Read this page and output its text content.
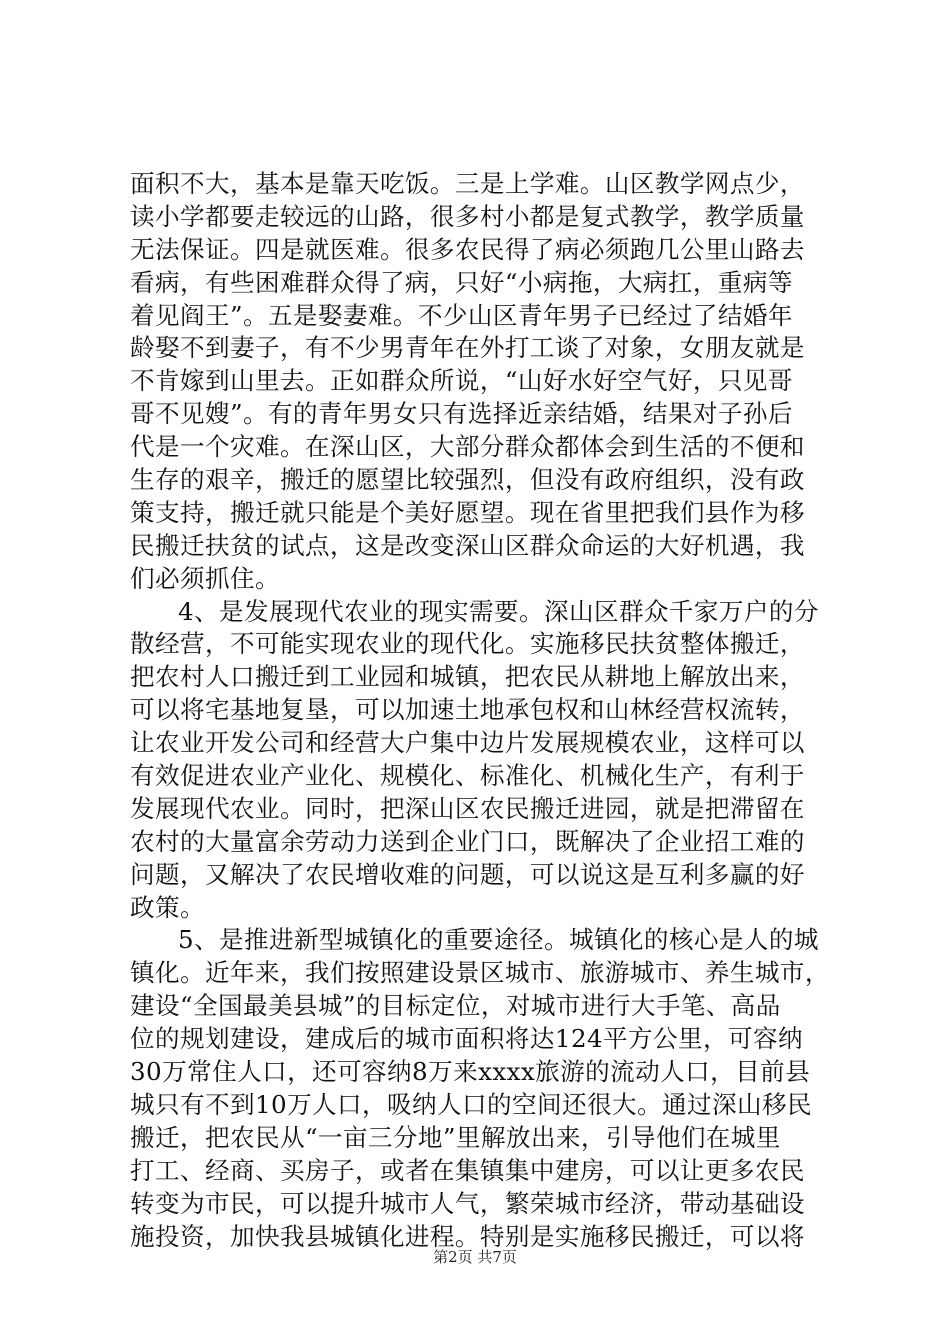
面积不大，基本是靠天吃饭。三是上学难。山区教学网点少，
读小学都要走较远的山路，很多村小都是复式教学，教学质量
无法保证。四是就医难。很多农民得了病必须跑几公里山路去
看病，有些困难群众得了病，只好“小病拖，大病扛，重病等
着见阎王”。五是娶妻难。不少山区青年男子已经过了结婚年
龄娶不到妻子，有不少男青年在外打工谈了对象，女朋友就是
不肯嫁到山里去。正如群众所说，“山好水好空气好，只见哥
哥不见嫂”。有的青年男女只有选择近亲结婚，结果对子孙后
代是一个灾难。在深山区，大部分群众都体会到生活的不便和
生存的艰辛，搬迁的愿望比较强烈，但没有政府组织，没有政
策支持，搬迁就只能是个美好愿望。现在省里把我们县作为移
民搬迁扶贫的试点，这是改变深山区群众命运的大好机遇，我
们必须抓住。
4、是发展现代农业的现实需要。深山区群众千家万户的分
散经营，不可能实现农业的现代化。实施移民扶贫整体搬迁，
把农村人口搬迁到工业园和城镇，把农民从耕地上解放出来，
可以将宅基地复垦，可以加速土地承包权和山林经营权流转，
让农业开发公司和经营大户集中边片发展规模农业，这样可以
有效促进农业产业化、规模化、标准化、机械化生产，有利于
发展现代农业。同时，把深山区农民搬迁进园，就是把滞留在
农村的大量富余劳动力送到企业门口，既解决了企业招工难的
问题，又解决了农民增收难的问题，可以说这是互利多赢的好
政策。
5、是推进新型城镇化的重要途径。城镇化的核心是人的城
镇化。近年来，我们按照建设景区城市、旅游城市、养生城市，
建设“全国最美县城”的目标定位，对城市进行大手笔、高品
位的规划建设，建成后的城市面积将达124平方公里，可容纳
30万常住人口，还可容纳8万来xxxx旅游的流动人口，目前县
城只有不到10万人口，吸纳人口的空间还很大。通过深山移民
搬迁，把农民从“一亩三分地”里解放出来，引导他们在城里
打工、经商、买房子，或者在集镇集中建房，可以让更多农民
转变为市民，可以提升城市人气，繁荣城市经济，带动基础设
施投资，加快我县城镇化进程。特别是实施移民搬迁，可以将
第2页 共7页
